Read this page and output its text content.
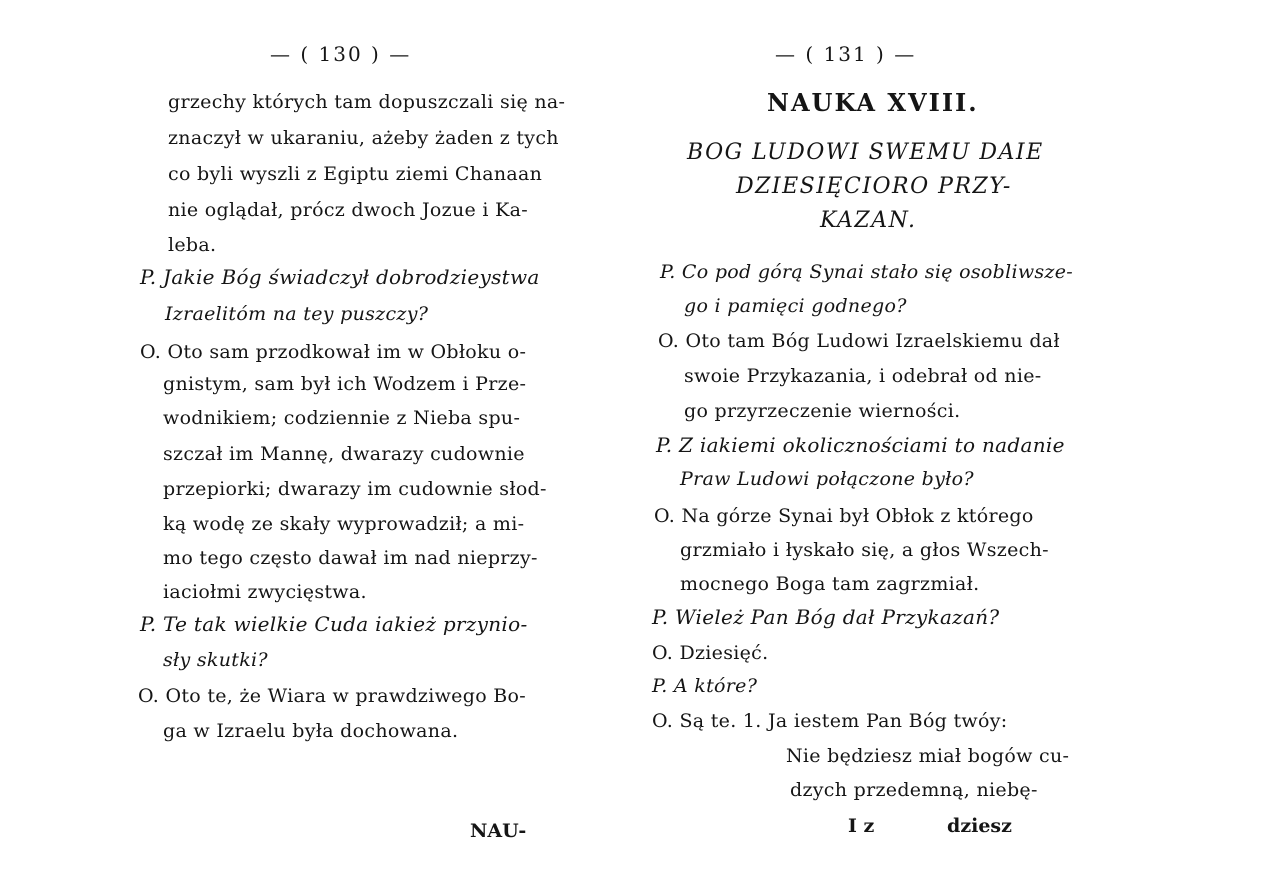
— ( 130 ) —
grzechy których tam dopuszczali się na-
znaczył w ukaraniu, ażeby żaden z tych
co byli wyszli z Egiptu ziemi Chanaan
nie oglądał, prócz dwoch Jozue i Ka-
leba.
P. Jakie Bóg świadczył dobrodzieystwa
Izraelitóm na tey puszczy?
O. Oto sam przodkował im w Obłoku o-
gnistym, sam był ich Wodzem i Prze-
wodnikiem; codziennie z Nieba spu-
szczał im Mannę, dwarazy cudownie
przepiorki; dwarazy im cudownie słod-
ką wodę ze skały wyprowadził; a mi-
mo tego często dawał im nad nieprzy-
iaciołmi zwycięstwa.
P. Te tak wielkie Cuda iakież przynio-
sły skutki?
O. Oto te, że Wiara w prawdziwego Bo-
ga w Izraelu była dochowana.
NAU-
— ( 131 ) —
NAUKA XVIII.
BOG LUDOWI SWEMU DAIE
DZIESIĘCIORO PRZY-
KAZAN.
P. Co pod górą Synai stało się osobliwsze-
go i pamięci godnego?
O. Oto tam Bóg Ludowi Izraelskiemu dał
swoie Przykazania, i odebrał od nie-
go przyrzeczenie wierności.
P. Z iakiemi okolicznościami to nadanie
Praw Ludowi połączone było?
O. Na górze Synai był Obłok z którego
grzmiało i łyskało się, a głos Wszech-
mocnego Boga tam zagrzmiał.
P. Wieleż Pan Bóg dał Przykazań?
O. Dziesięć.
P. A które?
O. Są te. 1. Ja iestem Pan Bóg twóy:
Nie będziesz miał bogów cu-
dzych przedemną, niebę-
I z           dziesz
